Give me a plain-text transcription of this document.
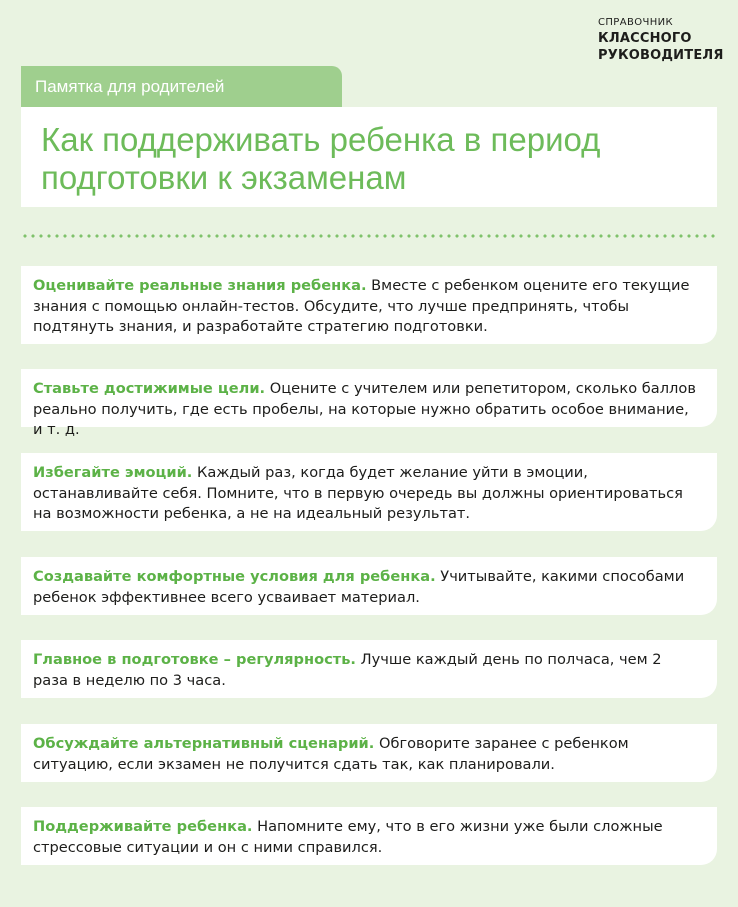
СПРАВОЧНИК
КЛАССНОГО
РУКОВОДИТЕЛЯ
Памятка для родителей
Как поддерживать ребенка в период
подготовки к экзаменам
Оценивайте реальные знания ребенка. Вместе с ребенком оцените его текущие знания с помощью онлайн-тестов. Обсудите, что лучше предпринять, чтобы подтянуть знания, и разработайте стратегию подготовки.
Ставьте достижимые цели. Оцените с учителем или репетитором, сколько баллов реально получить, где есть пробелы, на которые нужно обратить особое внимание, и т. д.
Избегайте эмоций. Каждый раз, когда будет желание уйти в эмоции, останавливайте себя. Помните, что в первую очередь вы должны ориентироваться на возможности ребенка, а не на идеальный результат.
Создавайте комфортные условия для ребенка. Учитывайте, какими способами ребенок эффективнее всего усваивает материал.
Главное в подготовке – регулярность. Лучше каждый день по полчаса, чем 2 раза в неделю по 3 часа.
Обсуждайте альтернативный сценарий. Обговорите заранее с ребенком ситуацию, если экзамен не получится сдать так, как планировали.
Поддерживайте ребенка. Напомните ему, что в его жизни уже были сложные стрессовые ситуации и он с ними справился.
